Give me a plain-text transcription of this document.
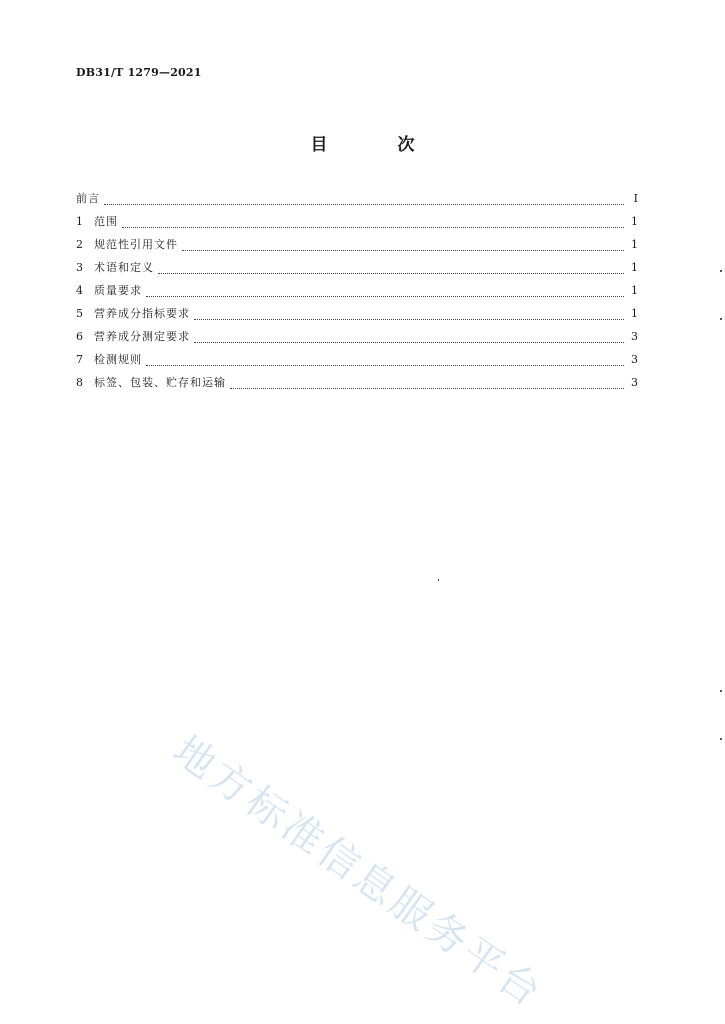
DB31/T 1279—2021
目 次
前言	Ⅰ
1	范围	1
2	规范性引用文件	1
3	术语和定义	1
4	质量要求	1
5	营养成分指标要求	1
6	营养成分测定要求	3
7	检测规则	3
8	标签、包装、贮存和运输	3
地方标准信息服务平台
